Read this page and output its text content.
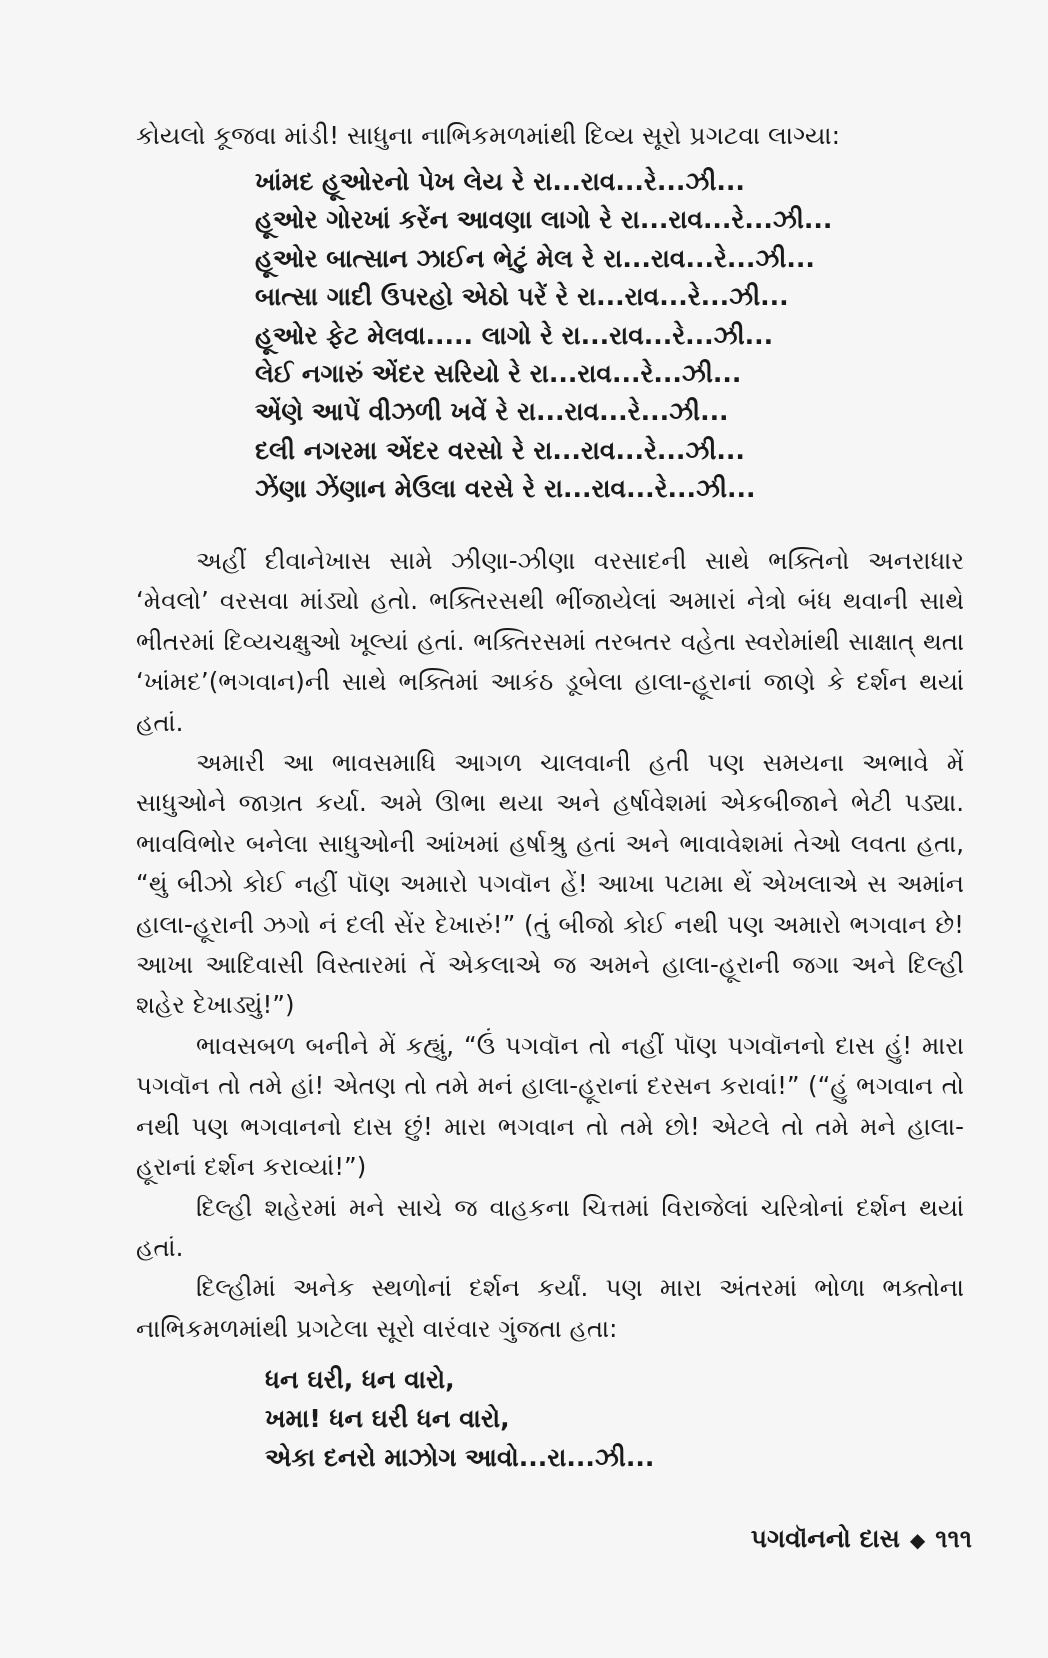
કોયલો કૂજવા માંડી! સાધુના નાભિકમળમાંથી દિવ્ય સૂરો પ્રગટવા લાગ્યા:
ખાંમદ હૂઓરનો પેખ લેય રે રા...રાવ...રે...ઝી...
હૂઓર ગોરખાં કરેંન આવણા લાગો રે રા...રાવ...રે...ઝી...
હૂઓર બાત્સાન ઝાઈન ભેટું મેલ રે રા...રાવ...રે...ઝી...
બાત્સા ગાદી ઉપરહો એઠો પરેં રે રા...રાવ...રે...ઝી...
હૂઓર ફેટ મેલવા..... લાગો રે રા...રાવ...રે...ઝી...
લેઈ નગારું એંદર સરિયો રે રા...રાવ...રે...ઝી...
એંણે આપેં વીઝળી ખવેં રે રા...રાવ...રે...ઝી...
દલી નગરમા એંદર વરસો રે રા...રાવ...રે...ઝી...
ઝેંણા ઝેંણાન મેઉલા વરસે રે રા...રાવ...રે...ઝી...

અહીં દીવાનેખાસ સામે ઝીણા-ઝીણા વરસાદની સાથે ભક્તિનો અનરાધાર ‘મેવલો’ વરસવા માંડ્યો હતો. ભક્તિરસથી ભીંજાયેલાં અમારાં નેત્રો બંધ થવાની સાથે ભીતરમાં દિવ્યચક્ષુઓ ખૂલ્યાં હતાં. ભક્તિરસમાં તરબતર વહેતા સ્વરોમાંથી સાક્ષાત્ થતા ‘ખાંમદ’(ભગવાન)ની સાથે ભક્તિમાં આકંઠ ડૂબેલા હાલા-હૂરાનાં જાણે કે દર્શન થયાં હતાં.

અમારી આ ભાવસમાધિ આગળ ચાલવાની હતી પણ સમયના અભાવે મેં સાધુઓને જાગ્રત કર્યા. અમે ઊભા થયા અને હર્ષાવેશમાં એકબીજાને ભેટી પડ્યા. ભાવવિભોર બનેલા સાધુઓની આંખમાં હર્ષાશ્રુ હતાં અને ભાવાવેશમાં તેઓ લવતા હતા, “થું બીઝો કોઈ નહીં પૉણ અમારો પગવૉન હેં! આખા પટામા થેં એખલાએ સ અમાંન હાલા-હૂરાની ઝગો નં દલી સેંર દેખારું!” (તું બીજો કોઈ નથી પણ અમારો ભગવાન છે! આખા આદિવાસી વિસ્તારમાં તેં એકલાએ જ અમને હાલા-હૂરાની જગા અને દિલ્હી શહેર દેખાડ્યું!”)

ભાવસબળ બનીને મેં કહ્યું, “ઉં પગવૉન તો નહીં પૉણ પગવૉનનો દાસ હું! મારા પગવૉન તો તમે હાં! એતણ તો તમે મનં હાલા-હૂરાનાં દરસન કરાવાં!” (“હું ભગવાન તો નથી પણ ભગવાનનો દાસ છું! મારા ભગવાન તો તમે છો! એટલે તો તમે મને હાલા-હૂરાનાં દર્શન કરાવ્યાં!”)

દિલ્હી શહેરમાં મને સાચે જ વાહકના ચિત્તમાં વિરાજેલાં ચરિત્રોનાં દર્શન થયાં હતાં.

દિલ્હીમાં અનેક સ્થળોનાં દર્શન કર્યાં. પણ મારા અંતરમાં ભોળા ભક્તોના નાભિકમળમાંથી પ્રગટેલા સૂરો વારંવાર ગુંજતા હતા:

ધન ઘરી, ધન વારો,
ખમા! ધન ઘરી ધન વારો,
એકા દનરો માઝોગ આવો...રા...ઝી...
પગવૉનનો દાસ ◆ ૧૧૧
